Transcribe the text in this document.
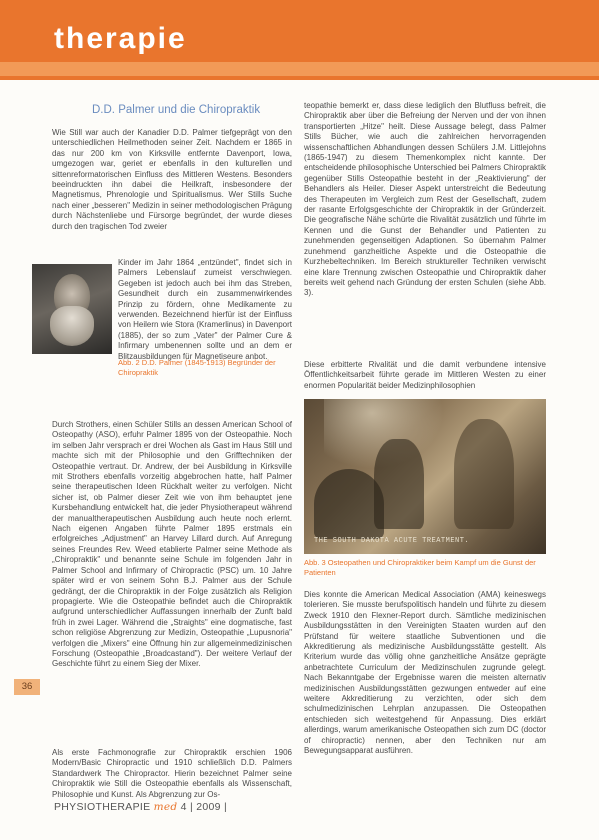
therapie
D.D. Palmer und die Chiropraktik

Wie Still war auch der Kanadier D.D. Palmer tiefgeprägt von den unterschiedlichen Heilmethoden seiner Zeit. Nachdem er 1865 in das nur 200 km von Kirksville entfernte Davenport, Iowa, umgezogen war, geriet er ebenfalls in den kulturellen und sittenreformatorischen Einfluss des Mittleren Westens. Besonders beeindruckten ihn dabei die Heilkraft, insbesondere der Magnetismus, Phrenologie und Spiritualismus. Wer Stills Suche nach einer „besseren" Medizin in seiner methodologischen Prägung durch Nächstenliebe und Fürsorge begründet, der wurde dieses durch den tragischen Tod zweier

Kinder im Jahr 1864 „entzündet", findet sich in Palmers Lebenslauf zumeist verschwiegen. Gegeben ist jedoch auch bei ihm das Streben, Gesundheit durch ein zusammenwirkendes Prinzip zu fördern, ohne Medikamente zu verwenden. Bezeichnend hierfür ist der Einfluss von Heilern wie Stora (Kramerlinus) in Davenport (1885), der so zum „Vater" der Palmer Cure & Infirmary umbenennen sollte und an dem er Blitzausbildungen für Magnetiseure anbot.

Abb. 2 D.D. Palmer (1845-1913) Begründer der Chiropraktik

Durch Strothers, einen Schüler Stills an dessen American School of Osteopathy (ASO), erfuhr Palmer 1895 von der Osteopathie. Noch im selben Jahr versprach er drei Wochen als Gast im Haus Still und machte sich mit der Philosophie und den Grifftechniken der Osteopathie vertraut. Dr. Andrew, der bei Ausbildung in Kirksville mit Strothers ebenfalls vorzeitig abgebrochen hatte, half Palmer seine therapeutischen Ideen Rückhalt weiter zu verfolgen. Nicht sicher ist, ob Palmer dieser Zeit wie von ihm behauptet jene Kursbehandlung entwickelt hat, die jeder Physiotherapeut während der manualtherapeutischen Ausbildung auch heute noch erlernt. Nach eigenen Angaben führte Palmer 1895 erstmals ein erfolgreiches „Adjustment" an Harvey Lillard durch. Auf Anregung seines Freundes Rev. Weed etablierte Palmer seine Methode als „Chiropraktik" und benannte seine Schule im folgenden Jahr in Palmer School and Infirmary of Chiropractic (PSC) um. 10 Jahre später wird er von seinem Sohn B.J. Palmer aus der Schule gedrängt, der die Chiropraktik in der Folge zusätzlich als Religion propagierte. Wie die Osteopathie befindet auch die Chiropraktik aufgrund unterschiedlicher Auffassungen innerhalb der Zunft bald früh in zwei Lager. Während die „Straights" eine dogmatische, fast schon religiöse Abgrenzung zur Medizin, Osteopathie „Lupusnoria" verfolgen die „Mixers" eine Öffnung hin zur allgemeinmedizinischen Forschung (Osteopathie „Broadcastand"). Der weitere Verlauf der Geschichte führt zu einem Sieg der Mixer.

Als erste Fachmonografie zur Chiropraktik erschien 1906 Modern/Basic Chiropractic und 1910 schließlich D.D. Palmers Standardwerk The Chiropractor. Hierin bezeichnet Palmer seine Chiropraktik wie Still die Osteopathie ebenfalls als Wissenschaft, Philosophie und Kunst. Als Abgrenzung zur Os-

teopathie bemerkt er, dass diese lediglich den Blutfluss befreit, die Chiropraktik aber über die Befreiung der Nerven und der von ihnen transportierten „Hitze" heilt. Diese Aussage belegt, dass Palmer Stills Bücher, wie auch die zahlreichen hervorragenden wissenschaftlichen Abhandlungen dessen Schülers J.M. Littlejohns (1865-1947) zu diesem Themenkomplex nicht kannte. Der entscheidende philosophische Unterschied bei Palmers Chiropraktik gegenüber Stills Osteopathie besteht in der „Reaktivierung" der Behandlers als Heiler. Dieser Aspekt unterstreicht die Bedeutung des Therapeuten im Vergleich zum Rest der Gesellschaft, zudem der rasante Erfolgsgeschichte der Chiropraktik in der Gründerzeit. Die geografische Nähe schürte die Rivalität zusätzlich und führte im Kennen und die Gunst der Behandler und Patienten zu zunehmenden gegenseitigen Adaptionen. So übernahm Palmer zunehmend ganzheitliche Aspekte und die Osteopathie die Kurzhebeltechniken. Im Bereich struktureller Techniken verwischt eine klare Trennung zwischen Osteopathie und Chiropraktik daher bereits weit gehend nach Gründung der ersten Schulen (siehe Abb. 3).

Diese erbitterte Rivalität und die damit verbundene intensive Öffentlichkeitsarbeit führte gerade im Mittleren Westen zu einer enormen Popularität beider Medizinphilosophien

THE SOUTH DAKOTA ACUTE TREATMENT.
Abb. 3 Osteopathen und Chiropraktiker beim Kampf um die Gunst der Patienten

Dies konnte die American Medical Association (AMA) keineswegs tolerieren. Sie musste berufspolitisch handeln und führte zu diesem Zweck 1910 den Flexner-Report durch. Sämtliche medizinischen Ausbildungsstätten in den Vereinigten Staaten wurden auf den Prüfstand für weitere staatliche Subventionen und die Akkreditierung als medizinische Ausbildungsstätte gestellt. Als Kriterium wurde das völlig ohne ganzheitliche Ansätze geprägte anbetrachtete Curriculum der Medizinschulen zugrunde gelegt. Nach Bekanntgabe der Ergebnisse waren die meisten alternativ medizinischen Ausbildungsstätten gezwungen entweder auf eine weitere Akkreditierung zu verzichten, oder sich dem schulmedizinischen Lehrplan anzupassen. Die Osteopathen entschieden sich weitestgehend für Anpassung. Dies erklärt allerdings, warum amerikanische Osteopathen sich zum DC (doctor of chiropractic) nennen, aber den Techniken nur am Bewegungsapparat ausführen.

36
PHYSIOTHERAPIE med 4 | 2009 |
